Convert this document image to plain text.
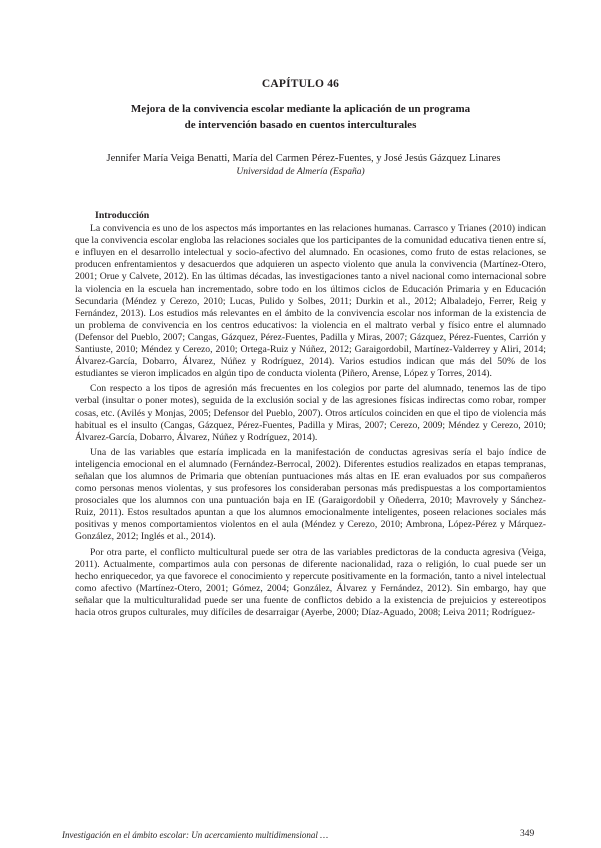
CAPÍTULO 46
Mejora de la convivencia escolar mediante la aplicación de un programa
de intervención basado en cuentos interculturales
Jennifer María Veiga Benatti, María del Carmen Pérez-Fuentes, y José Jesús Gázquez Linares
Universidad de Almería (España)
Introducción

La convivencia es uno de los aspectos más importantes en las relaciones humanas. Carrasco y Trianes (2010) indican que la convivencia escolar engloba las relaciones sociales que los participantes de la comunidad educativa tienen entre sí, e influyen en el desarrollo intelectual y socio-afectivo del alumnado. En ocasiones, como fruto de estas relaciones, se producen enfrentamientos y desacuerdos que adquieren un aspecto violento que anula la convivencia (Martínez-Otero, 2001; Orue y Calvete, 2012). En las últimas décadas, las investigaciones tanto a nivel nacional como internacional sobre la violencia en la escuela han incrementado, sobre todo en los últimos ciclos de Educación Primaria y en Educación Secundaria (Méndez y Cerezo, 2010; Lucas, Pulido y Solbes, 2011; Durkin et al., 2012; Albaladejo, Ferrer, Reig y Fernández, 2013). Los estudios más relevantes en el ámbito de la convivencia escolar nos informan de la existencia de un problema de convivencia en los centros educativos: la violencia en el maltrato verbal y físico entre el alumnado (Defensor del Pueblo, 2007; Cangas, Gázquez, Pérez-Fuentes, Padilla y Miras, 2007; Gázquez, Pérez-Fuentes, Carrión y Santiuste, 2010; Méndez y Cerezo, 2010; Ortega-Ruiz y Núñez, 2012; Garaigordobil, Martínez-Valderrey y Aliri, 2014; Álvarez-García, Dobarro, Álvarez, Núñez y Rodríguez, 2014). Varios estudios indican que más del 50% de los estudiantes se vieron implicados en algún tipo de conducta violenta (Piñero, Arense, López y Torres, 2014).

Con respecto a los tipos de agresión más frecuentes en los colegios por parte del alumnado, tenemos las de tipo verbal (insultar o poner motes), seguida de la exclusión social y de las agresiones físicas indirectas como robar, romper cosas, etc. (Avilés y Monjas, 2005; Defensor del Pueblo, 2007). Otros artículos coinciden en que el tipo de violencia más habitual es el insulto (Cangas, Gázquez, Pérez-Fuentes, Padilla y Miras, 2007; Cerezo, 2009; Méndez y Cerezo, 2010; Álvarez-García, Dobarro, Álvarez, Núñez y Rodríguez, 2014).

Una de las variables que estaría implicada en la manifestación de conductas agresivas sería el bajo índice de inteligencia emocional en el alumnado (Fernández-Berrocal, 2002). Diferentes estudios realizados en etapas tempranas, señalan que los alumnos de Primaria que obtenían puntuaciones más altas en IE eran evaluados por sus compañeros como personas menos violentas, y sus profesores los consideraban personas más predispuestas a los comportamientos prosociales que los alumnos con una puntuación baja en IE (Garaigordobil y Oñederra, 2010; Mavrovely y Sánchez-Ruiz, 2011). Estos resultados apuntan a que los alumnos emocionalmente inteligentes, poseen relaciones sociales más positivas y menos comportamientos violentos en el aula (Méndez y Cerezo, 2010; Ambrona, López-Pérez y Márquez-González, 2012; Inglés et al., 2014).

Por otra parte, el conflicto multicultural puede ser otra de las variables predictoras de la conducta agresiva (Veiga, 2011). Actualmente, compartimos aula con personas de diferente nacionalidad, raza o religión, lo cual puede ser un hecho enriquecedor, ya que favorece el conocimiento y repercute positivamente en la formación, tanto a nivel intelectual como afectivo (Martínez-Otero, 2001; Gómez, 2004; González, Álvarez y Fernández, 2012). Sin embargo, hay que señalar que la multiculturalidad puede ser una fuente de conflictos debido a la existencia de prejuicios y estereotipos hacia otros grupos culturales, muy difíciles de desarraigar (Ayerbe, 2000; Díaz-Aguado, 2008; Leiva 2011; Rodríguez-

Investigación en el ámbito escolar: Un acercamiento multidimensional …	349
